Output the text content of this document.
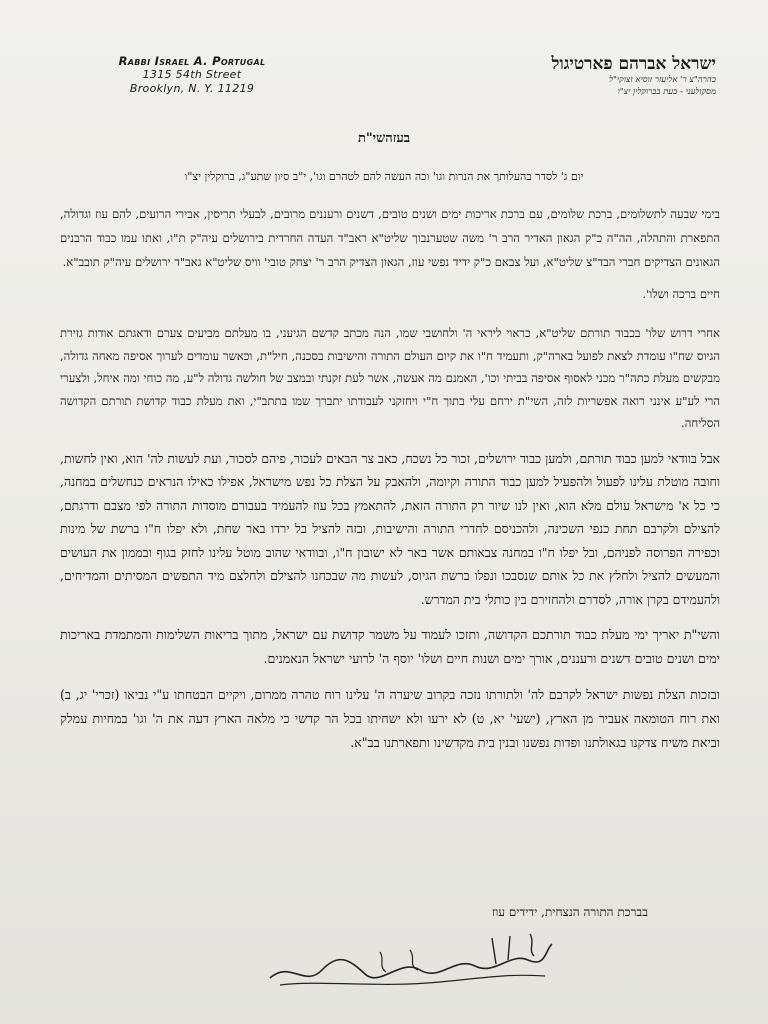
Rabbi Israel A. Portugal
1315 54th Street
Brooklyn, N. Y. 11219
ישראל אברהם פארטיגול
בהרה"צ ר' אליעזר זוסיא זצוקי"ל
מסקולעני - כעת בברוקלין יצ"ו
בעזהשי"ת
יום ג' לסדר בהעלותך את הנרות וגו' וכה העשה להם לטהרם וגו', י"ב סיון שתע"ג, ברוקלין יצ"ו

בימי שבעה לתשלומים, ברכת שלומים, עם ברכת אריכות ימים ושנים טובים, דשנים ורעננים מרובים, לבעלי תריסין, אבירי הרועים, להם עוז וגדולה, התפארת והתהלה, הה"ה כ"ק הגאון האדיר הרב ר' משה שטערנבוך שליט"א ראב"ד העדה החרדית בירושלים עיה"ק ת"ו, ואתו עמו כבוד הרבנים הגאונים הצדיקים חברי הבד"צ שליט"א, ועל צבאם כ"ק ידיד נפשי עוז, הגאון הצדיק הרב ר' יצחק טובי' וויס שליט"א גאב"ד ירושלים עיה"ק תובב"א.

חיים ברכה ושלו'.

אחרי דרוש שלו' בכבוד תורתם שליט"א, כראוי ליראי ה' ולחושבי שמו, הנה מכתב קדשם הגיעני, בו מעלתם מביעים צערם ודאגתם אודות גזירת הגיוס שח"ו עומדת לצאת לפועל בארה"ק, ותעמיד ח"ו את קיום העולם התורה והישיבות בסכנה, חיל"ת, וכאשר עומדים לערוך אסיפה מאחה גדולה, מבקשים מעלת כתה"ר מכני לאסוף אסיפה בביתי וכו', האמנם מה אעשה, אשר לעת זקנתי ובמצב של חולשה גדולה ל"ע, מה כוחי ומה איחל, ולצערי הרי לע"ע אינני רואה אפשריות לזה, השי"ת ירחם עלי בתוך ח"י ויחזקני לעבודתו יתברך שמו בתתב"י, ואת מעלת כבוד קדושת תורתם הקדושה הסליחה.

אבל בוודאי למען כבוד תורתם, ולמען כבוד ירושלים, זכור כל נשכח, כאב צר הבאים לעכור, פיהם לסכור, ועת לעשות לה' הוא, ואין לחשות, וחובה מוטלת עלינו לפעול ולהפעיל למען כבוד התורה וקיומה, ולהאבק על הצלת כל נפש מישראל, אפילו כאילו הנראים כנחשלים במחנה, כי כל א' מישראל עולם מלא הוא, ואין לנו שיור רק התורה הזאת, להתאמץ בכל עוז להעמיד בעבורם מוסדות התורה לפי מצבם ודרגתם, להצילם ולקרבם תחת כנפי השכינה, ולהכניסם לחדרי התורה והישיבות, ובזה להציל בל ירדו באר שחת, ולא יפלו ח"ו ברשת של מינות וכפירה הפרוסה לפניהם, ובל יפלו ח"ו במחנה צבאותם אשר באר לא ישובון ח"ו, ובוודאי שהוב מוטל עלינו לחזק בגוף ובממון את העושים והמעשים להציל ולחלץ את כל אותם שנסבכו ונפלו ברשת הגיוס, לעשות מה שבכחנו להצילם ולחלצם מיד התפשים המסיתים והמדיחים, ולהעמידם בקרן אורה, לסדרם ולהחזירם בין כותלי בית המדרש.

והשי"ת יאריך ימי מעלת כבוד תורתכם הקדושה, ותזכו לעמוד על משמר קדושת עם ישראל, מתוך בריאות השלימות והמתמדת באריכות ימים ושנים טובים דשנים ורעננים, אורך ימים ושנות חיים ושלו' יוסף ה' לרועי ישראל הנאמנים.

ובזכות הצלת נפשות ישראל לקרבם לה' ולתורתו נזכה בקרוב שיערה ה' עלינו רוח טהרה ממרום, ויקיים הבטחתו ע"י נביאו (זכרי' יג, ב) ואת רוח הטומאה אעביר מן הארץ, (ישעי' יא, ט) לא ירעו ולא ישחיתו בכל הר קדשי כי מלאה הארץ דעה את ה' וגו' במחיות עמלק וביאת משיח צדקנו בגאולתנו ופדות נפשנו ובנין בית מקדשינו ותפארתנו בב"א.

בברכת התורה הנצחית, ידידים עוז
